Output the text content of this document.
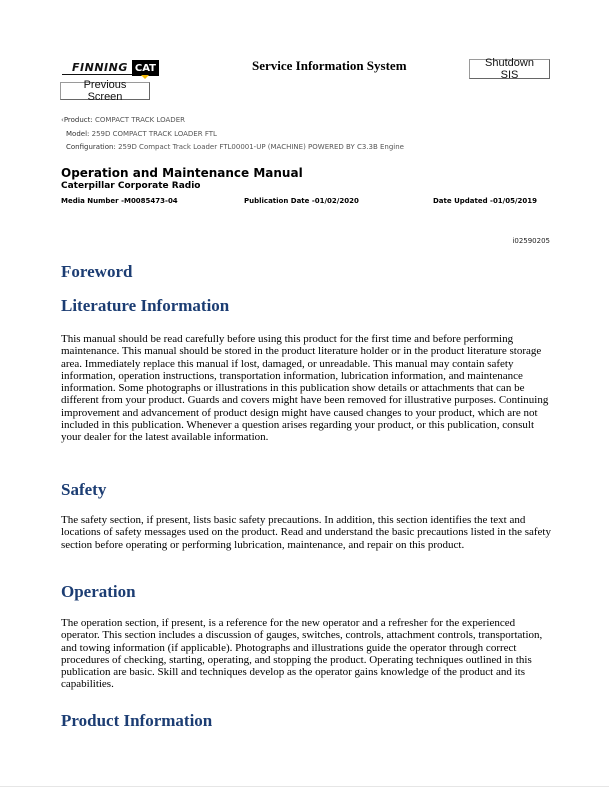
FINNING CAT	Service Information System	Shutdown SIS
Previous Screen
‹Product: COMPACT TRACK LOADER
Model: 259D COMPACT TRACK LOADER FTL
Configuration: 259D Compact Track Loader FTL00001-UP (MACHINE) POWERED BY C3.3B Engine
Operation and Maintenance Manual
Caterpillar Corporate Radio
Media Number -M0085473-04	Publication Date -01/02/2020	Date Updated -01/05/2019
i02590205
Foreword
Literature Information

This manual should be read carefully before using this product for the first time and before performing maintenance. This manual should be stored in the product literature holder or in the product literature storage area. Immediately replace this manual if lost, damaged, or unreadable. This manual may contain safety information, operation instructions, transportation information, lubrication information, and maintenance information. Some photographs or illustrations in this publication show details or attachments that can be different from your product. Guards and covers might have been removed for illustrative purposes. Continuing improvement and advancement of product design might have caused changes to your product, which are not included in this publication. Whenever a question arises regarding your product, or this publication, consult your dealer for the latest available information.

Safety

The safety section, if present, lists basic safety precautions. In addition, this section identifies the text and locations of safety messages used on the product. Read and understand the basic precautions listed in the safety section before operating or performing lubrication, maintenance, and repair on this product.

Operation

The operation section, if present, is a reference for the new operator and a refresher for the experienced operator. This section includes a discussion of gauges, switches, controls, attachment controls, transportation, and towing information (if applicable). Photographs and illustrations guide the operator through correct procedures of checking, starting, operating, and stopping the product. Operating techniques outlined in this publication are basic. Skill and techniques develop as the operator gains knowledge of the product and its capabilities.

Product Information
